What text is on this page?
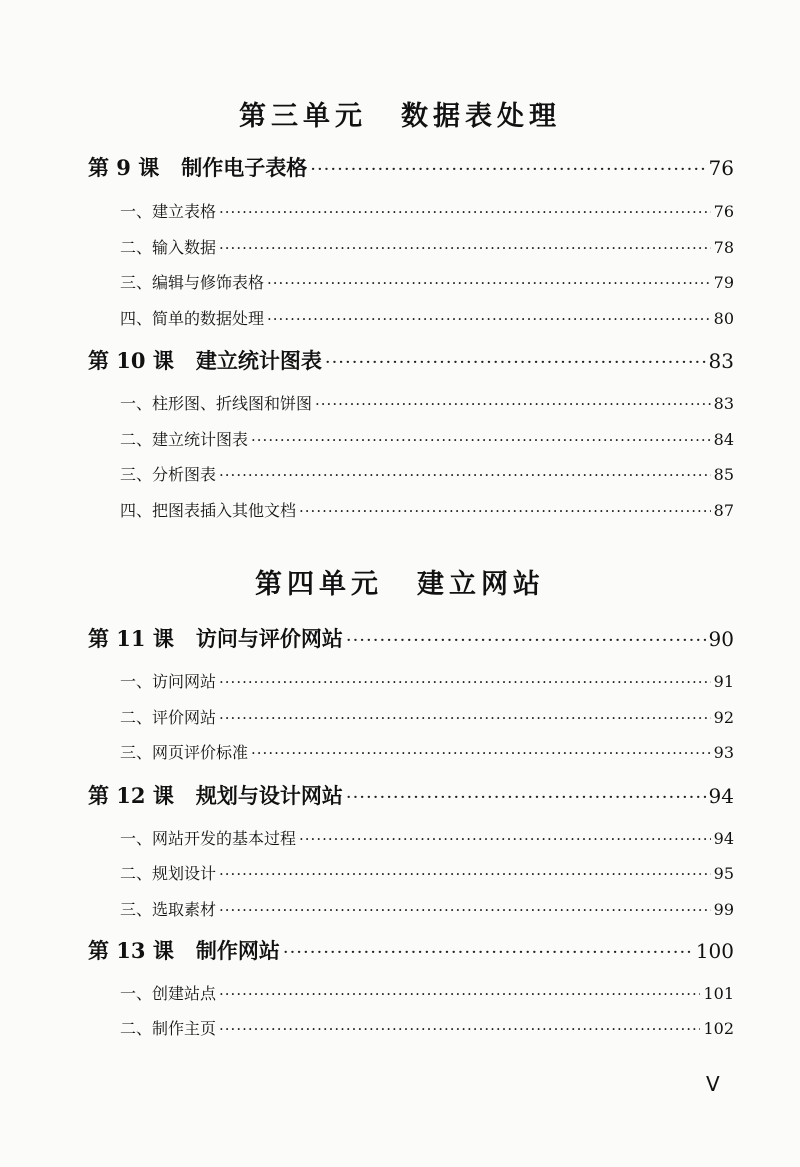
第三单元 数据表处理
第 9 课 制作电子表格 ·····	76
一、建立表格 ·····	76
二、输入数据 ·····	78
三、编辑与修饰表格 ·····	79
四、简单的数据处理 ·····	80
第 10 课 建立统计图表 ·····	83
一、柱形图、折线图和饼图 ·····	83
二、建立统计图表 ·····	84
三、分析图表 ·····	85
四、把图表插入其他文档 ·····	87
第四单元 建立网站
第 11 课 访问与评价网站 ·····	90
一、访问网站 ·····	91
二、评价网站 ·····	92
三、网页评价标准 ·····	93
第 12 课 规划与设计网站 ·····	94
一、网站开发的基本过程 ·····	94
二、规划设计 ·····	95
三、选取素材 ·····	99
第 13 课 制作网站 ·····	100
一、创建站点 ·····	101
二、制作主页 ·····	102
V
